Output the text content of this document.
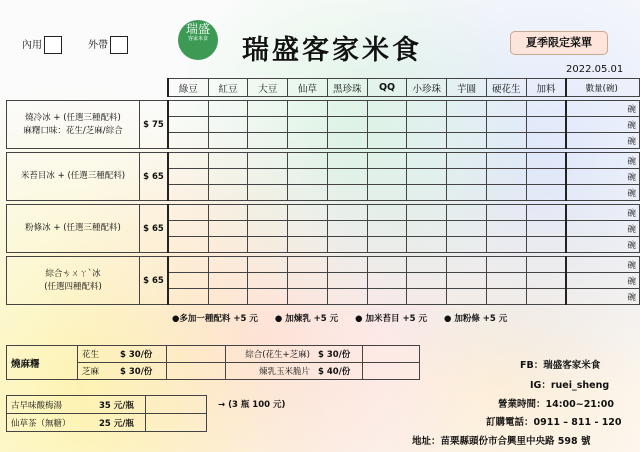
內用	外帶
瑞盛
客家米食	瑞盛客家米食	夏季限定菜單
2022.05.01
		綠豆	紅豆	大豆	仙草	黑珍珠	QQ	小珍珠	芋圓	硬花生	加料	數量(碗)

燒冷冰 + (任選三種配料)
麻糬口味：花生/芝麻/綜合	$ 75											碗
												碗
												碗

米苔目冰 + (任選三種配料)	$ 65											碗
												碗
												碗

粉條冰 + (任選三種配料)	$ 65											碗
												碗
												碗

綜合ㄘㄨㄚˋ冰
(任選四種配料)	$ 65											碗
												碗
												碗
●多加一種配料 +5 元 ● 加煉乳 +5 元 ● 加米苔目 +5 元 ● 加粉條 +5 元
燒麻糬	花生	$ 30/份		綜合(花生+芝麻)	$ 30/份	
	芝麻	$ 30/份		煉乳玉米脆片	$ 40/份	
古早味酸梅湯	35 元/瓶	
仙草茶（無糖）	25 元/瓶	
→ (3 瓶 100 元)
FB：瑞盛客家米食
IG：ruei_sheng
營業時間：14:00~21:00
訂購電話：0911 – 811 - 120
地址：苗栗縣頭份市合興里中央路 598 號
